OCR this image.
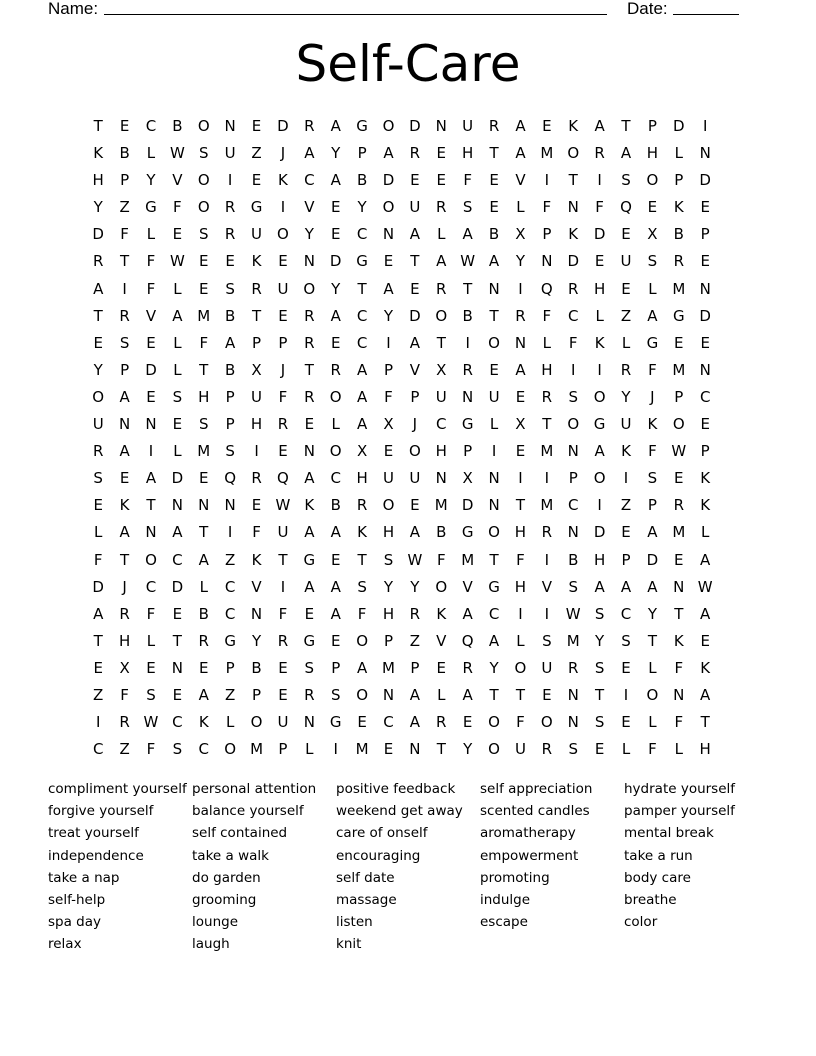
Name:	Date:
Self-Care
T	E	C	B	O N	E	D	R	A	G O D	N	U	R	A	E	K	A	T	P	D	I
K	B	L W S	U	Z	J	A	Y	P	A	R	E	H	T	A M O	R	A	H	L	N
H	P	Y	V	O	I	E	K	C	A	B	D	E	E	F	E	V	I	T	I	S	O	P	D
Y	Z	G	F	O	R	G	I	V	E	Y	O	U	R	S	E	L	F	N	F	Q	E	K	E
D	F	L	E	S	R	U O	Y	E	C	N	A	L	A	B	X	P	K	D	E	X	B	P
R	T	F W E	E	K	E	N D G	E	T	A W A	Y	N D	E	U	S	R	E
A	I	F	L	E	S	R	U O	Y	T	A	E	R	T	N	I	Q	R	H	E	L	M N
T	R	V	A M B	T	E	R	A	C	Y	D O	B	T	R	F	C	L	Z	A	G D
E	S	E	L	F	A	P	P	R	E	C	I	A	T	I	O N	L	F	K	L	G	E	E
Y	P	D	L	T	B	X	J	T	R	A	P	V	X	R	E	A	H	I	I	R	F	M N
O	A	E	S	H	P	U	F	R	O	A	F	P	U	N	U	E	R	S	O	Y	J	P	C
U	N	N	E	S	P	H	R	E	L	A	X	J	C	G	L	X	T	O G	U	K	O	E
R	A	I	L	M	S	I	E	N O	X	E	O H	P	I	E	M N	A	K	F W P
S	E	A	D	E	Q	R	Q	A	C	H	U	U	N	X	N	I	I	P	O	I	S	E	K
E	K	T	N	N	N	E W K	B	R	O	E	M D	N	T	M C	I	Z	P	R	K
L	A	N	A	T	I	F	U	A	A	K	H	A	B	G O H	R	N D	E	A M	L
F	T	O	C	A	Z	K	T	G	E	T	S W F	M	T	F	I	B	H	P	D	E	A
D	J	C	D	L	C	V	I	A	A	S	Y	Y	O	V	G H	V	S	A	A	A	N W
A	R	F	E	B	C	N	F	E	A	F	H	R	K	A	C	I	I	W S	C	Y	T	A
T	H	L	T	R	G	Y	R	G	E	O	P	Z	V	Q	A	L	S	M	Y	S	T	K	E
E	X	E	N	E	P	B	E	S	P	A M	P	E	R	Y	O	U	R	S	E	L	F	K
Z	F	S	E	A	Z	P	E	R	S	O N	A	L	A	T	T	E	N	T	I	O N	A
I	R W C	K	L	O	U	N G	E	C	A	R	E	O	F	O N	S	E	L	F	T
C	Z	F	S	C	O M	P	L	I	M	E	N	T	Y	O	U	R	S	E	L	F	L	H
compliment yourself
forgive yourself
treat yourself
independence
take a nap
self-help
spa day
relax
personal attention
balance yourself
self contained
take a walk
do garden
grooming
lounge
laugh
positive feedback
weekend get away
care of onself
encouraging
self date
massage
listen
knit
self appreciation
scented candles
aromatherapy
empowerment
promoting
indulge
escape
hydrate yourself
pamper yourself
mental break
take a run
body care
breathe
color
